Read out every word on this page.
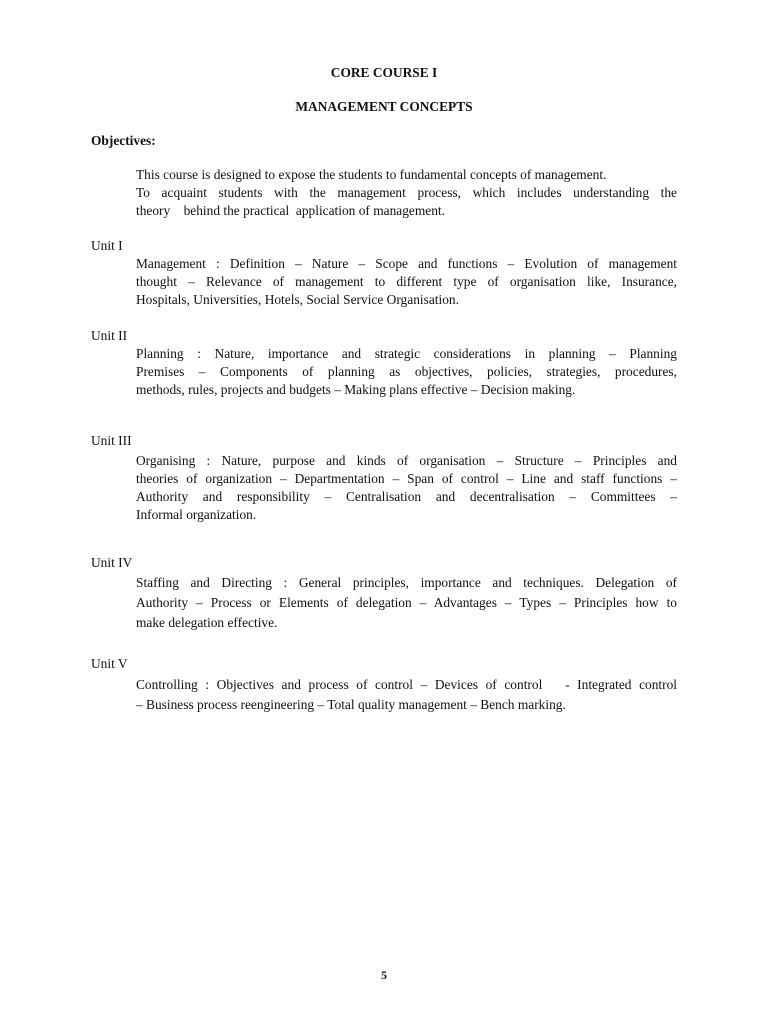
CORE COURSE I
MANAGEMENT CONCEPTS
Objectives:
This course is designed to expose the students to fundamental concepts of management.
To acquaint students with the management process, which includes understanding the
theory    behind the practical  application of management.
Unit I
Management : Definition – Nature – Scope and functions – Evolution of management
thought – Relevance of management to different type of organisation like, Insurance,
Hospitals, Universities, Hotels, Social Service Organisation.
Unit II
Planning : Nature, importance and strategic considerations in planning – Planning
Premises – Components of planning as objectives, policies, strategies, procedures,
methods, rules, projects and budgets – Making plans effective – Decision making.
Unit III
Organising : Nature, purpose and kinds of organisation – Structure – Principles and
theories of organization – Departmentation – Span of control – Line and staff functions –
Authority and responsibility – Centralisation and decentralisation – Committees –
Informal organization.
Unit IV
Staffing and Directing : General principles, importance and techniques. Delegation of
Authority – Process or Elements of delegation – Advantages – Types – Principles how to
make delegation effective.
Unit V
Controlling : Objectives and process of control – Devices of control   - Integrated control
– Business process reengineering – Total quality management – Bench marking.
5
